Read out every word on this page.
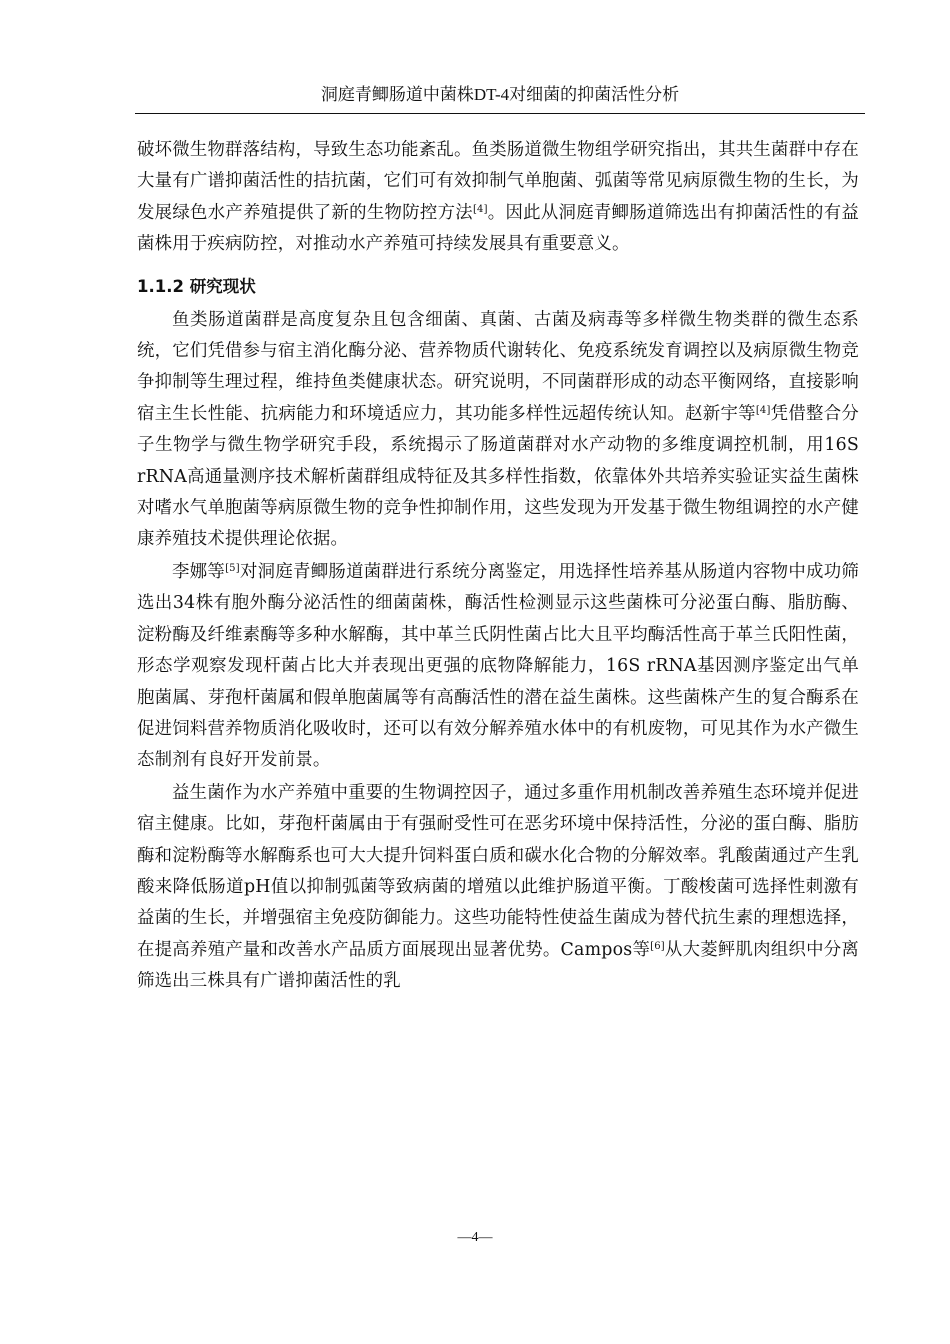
洞庭青鲫肠道中菌株DT-4对细菌的抑菌活性分析

破坏微生物群落结构，导致生态功能紊乱。鱼类肠道微生物组学研究指出，其共生菌群中存在大量有广谱抑菌活性的拮抗菌，它们可有效抑制气单胞菌、弧菌等常见病原微生物的生长，为发展绿色水产养殖提供了新的生物防控方法[4]。因此从洞庭青鲫肠道筛选出有抑菌活性的有益菌株用于疾病防控，对推动水产养殖可持续发展具有重要意义。

1.1.2 研究现状

鱼类肠道菌群是高度复杂且包含细菌、真菌、古菌及病毒等多样微生物类群的微生态系统，它们凭借参与宿主消化酶分泌、营养物质代谢转化、免疫系统发育调控以及病原微生物竞争抑制等生理过程，维持鱼类健康状态。研究说明，不同菌群形成的动态平衡网络，直接影响宿主生长性能、抗病能力和环境适应力，其功能多样性远超传统认知。赵新宇等[4]凭借整合分子生物学与微生物学研究手段，系统揭示了肠道菌群对水产动物的多维度调控机制，用16S rRNA高通量测序技术解析菌群组成特征及其多样性指数，依靠体外共培养实验证实益生菌株对嗜水气单胞菌等病原微生物的竞争性抑制作用，这些发现为开发基于微生物组调控的水产健康养殖技术提供理论依据。

李娜等[5]对洞庭青鲫肠道菌群进行系统分离鉴定，用选择性培养基从肠道内容物中成功筛选出34株有胞外酶分泌活性的细菌菌株，酶活性检测显示这些菌株可分泌蛋白酶、脂肪酶、淀粉酶及纤维素酶等多种水解酶，其中革兰氏阴性菌占比大且平均酶活性高于革兰氏阳性菌，形态学观察发现杆菌占比大并表现出更强的底物降解能力，16S rRNA基因测序鉴定出气单胞菌属、芽孢杆菌属和假单胞菌属等有高酶活性的潜在益生菌株。这些菌株产生的复合酶系在促进饲料营养物质消化吸收时，还可以有效分解养殖水体中的有机废物，可见其作为水产微生态制剂有良好开发前景。

益生菌作为水产养殖中重要的生物调控因子，通过多重作用机制改善养殖生态环境并促进宿主健康。比如，芽孢杆菌属由于有强耐受性可在恶劣环境中保持活性，分泌的蛋白酶、脂肪酶和淀粉酶等水解酶系也可大大提升饲料蛋白质和碳水化合物的分解效率。乳酸菌通过产生乳酸来降低肠道pH值以抑制弧菌等致病菌的增殖以此维护肠道平衡。丁酸梭菌可选择性刺激有益菌的生长，并增强宿主免疫防御能力。这些功能特性使益生菌成为替代抗生素的理想选择，在提高养殖产量和改善水产品质方面展现出显著优势。Campos等[6]从大菱鲆肌肉组织中分离筛选出三株具有广谱抑菌活性的乳

—4—
